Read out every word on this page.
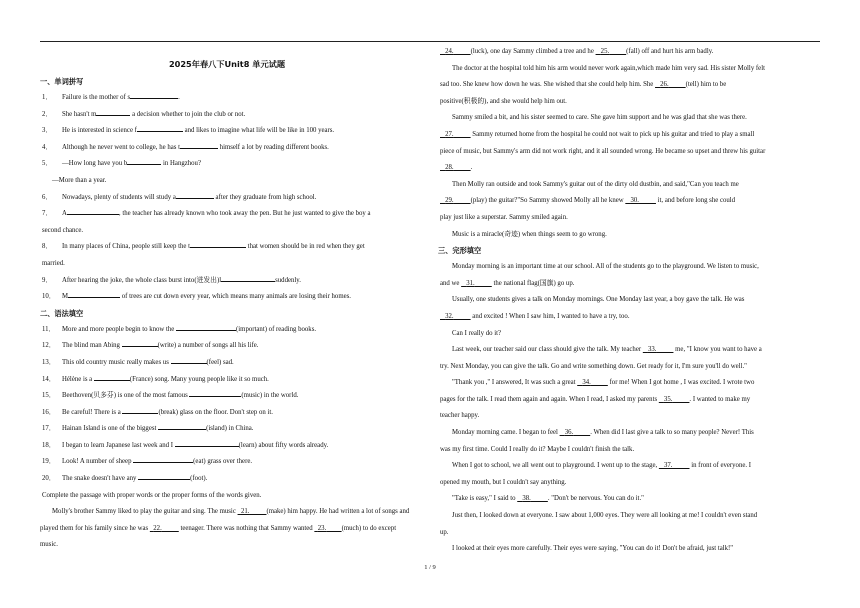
2025年春八下Unit8 单元试题
一、单词拼写
1． Failure is the mother of s	.
2． She hasn't m	a decision whether to join the club or not.
3． He is interested in science f	and likes to imagine what life will be like in 100 years.
4． Although he never went to college, he has t	himself a lot by reading different books.
5． —How long have you b	in Hangzhou?
—More than a year.
6． Nowadays, plenty of students will study a	after they graduate from high school.
7． A	, the teacher has already known who took away the pen. But he just wanted to give the boy a
second chance.
8． In many places of China, people still keep the t	that women should be in red when they get
married.
9． After hearing the joke, the whole class burst into(迸发出)l	suddenly.
10． M	of trees are cut down every year, which means many animals are losing their homes.
二、语法填空
11． More and more people begin to know the	(important) of reading books.
12． The blind man Abing	(write) a number of songs all his life.
13． This old country music really makes us	(feel) sad.
14． Hélène is a	(France) song. Many young people like it so much.
15． Beethoven(贝多芬) is one of the most famous	(music) in the world.
16． Be careful! There is a	(break) glass on the floor. Don't step on it.
17． Hainan Island is one of the biggest	(island) in China.
18． I began to learn Japanese last week and I	(learn) about fifty words already.
19． Look! A number of sheep	(eat) grass over there.
20． The snake doesn't have any	(foot).
Complete the passage with proper words or the proper forms of the words given.
Molly's brother Sammy liked to play the guitar and sing. The music   21.	(make) him happy. He had written a lot of songs and played them for his family since he was   22.	teenager. There was nothing that Sammy wanted   23. (much) to do except music.
24.	(luck), one day Sammy climbed a tree and he    25.	(fall) off and hurt his arm badly.
The doctor at the hospital told him his arm would never work again,which made him very sad. His sister Molly felt
sad too. She knew how down he was. She wished that she could help him. She    26.	(tell) him to be
positive(积极的), and she would help him out.
Sammy smiled a bit, and his sister seemed to care. She gave him support and he was glad that she was there.
27.	Sammy returned home from the hospital he could not wait to pick up his guitar and tried to play a small
piece of music, but Sammy's arm did not work right, and it all sounded wrong. He became so upset and threw his guitar
28.	.
Then Molly ran outside and took Sammy's guitar out of the dirty old dustbin, and said,"Can you teach me
29.	(play) the guitar?"So Sammy showed Molly all he knew    30.	it, and before long she could
play just like a superstar. Sammy smiled again.
Music is a miracle(奇迹) when things seem to go wrong.
三、完形填空
Monday morning is an important time at our school. All of the students go to the playground. We listen to music,
and we    31.	the national flag(国旗) go up.
Usually, one students gives a talk on Monday mornings. One Monday last year, a boy gave the talk. He was
32.	and excited ! When I saw him, I wanted to have a try, too.
Can I really do it?
Last week, our teacher said our class should give the talk. My teacher    33.	me, "I know you want to have a
try. Next Monday, you can give the talk. Go and write something down. Get ready for it, I'm sure you'll do well."
"Thank you ," I answered, It was such a great    34.	for me! When I got home , I was excited. I wrote two
pages for the talk. I read them again and again. When I read, I asked my parents    35.	. I wanted to make my
teacher happy.
Monday morning came. I began to feel    36.	. When did I last give a talk to so many people? Never! This
was my first time. Could I really do it? Maybe I couldn't finish the talk.
When I got to school, we all went out to playground. I went up to the stage,    37.	in front of everyone. I
opened my mouth, but I couldn't say anything.
"Take is easy," I said to    38.	. "Don't be nervous. You can do it."
Just then, I looked down at everyone. I saw about 1,000 eyes. They were all looking at me! I couldn't even stand
up.
I looked at their eyes more carefully. Their eyes were saying, "You can do it! Don't be afraid, just talk!"
1 / 9
